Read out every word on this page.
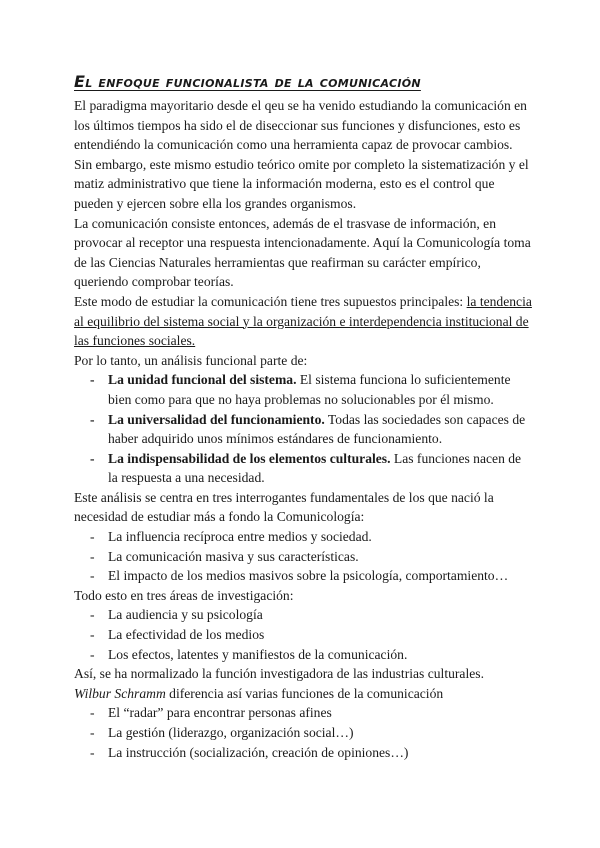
El enfoque funcionalista de la comunicación

El paradigma mayoritario desde el qeu se ha venido estudiando la comunicación en los últimos tiempos ha sido el de diseccionar sus funciones y disfunciones, esto es entendiéndo la comunicación como una herramienta capaz de provocar cambios. Sin embargo, este mismo estudio teórico omite por completo la sistematización y el matiz administrativo que tiene la información moderna, esto es el control que pueden y ejercen sobre ella los grandes organismos.

La comunicación consiste entonces, además de el trasvase de información, en provocar al receptor una respuesta intencionadamente. Aquí la Comunicología toma de las Ciencias Naturales herramientas que reafirman su carácter empírico, queriendo comprobar teorías.

Este modo de estudiar la comunicación tiene tres supuestos principales: la tendencia al equilibrio del sistema social y la organización e interdependencia institucional de las funciones sociales.

Por lo tanto, un análisis funcional parte de:

- La unidad funcional del sistema. El sistema funciona lo suficientemente bien como para que no haya problemas no solucionables por él mismo.
- La universalidad del funcionamiento. Todas las sociedades son capaces de haber adquirido unos mínimos estándares de funcionamiento.
- La indispensabilidad de los elementos culturales. Las funciones nacen de la respuesta a una necesidad.

Este análisis se centra en tres interrogantes fundamentales de los que nació la necesidad de estudiar más a fondo la Comunicología:

- La influencia recíproca entre medios y sociedad.
- La comunicación masiva y sus características.
- El impacto de los medios masivos sobre la psicología, comportamiento…

Todo esto en tres áreas de investigación:

- La audiencia y su psicología
- La efectividad de los medios
- Los efectos, latentes y manifiestos de la comunicación.

Así, se ha normalizado la función investigadora de las industrias culturales.

Wilbur Schramm diferencia así varias funciones de la comunicación

- El “radar” para encontrar personas afines
- La gestión (liderazgo, organización social…)
- La instrucción (socialización, creación de opiniones…)
